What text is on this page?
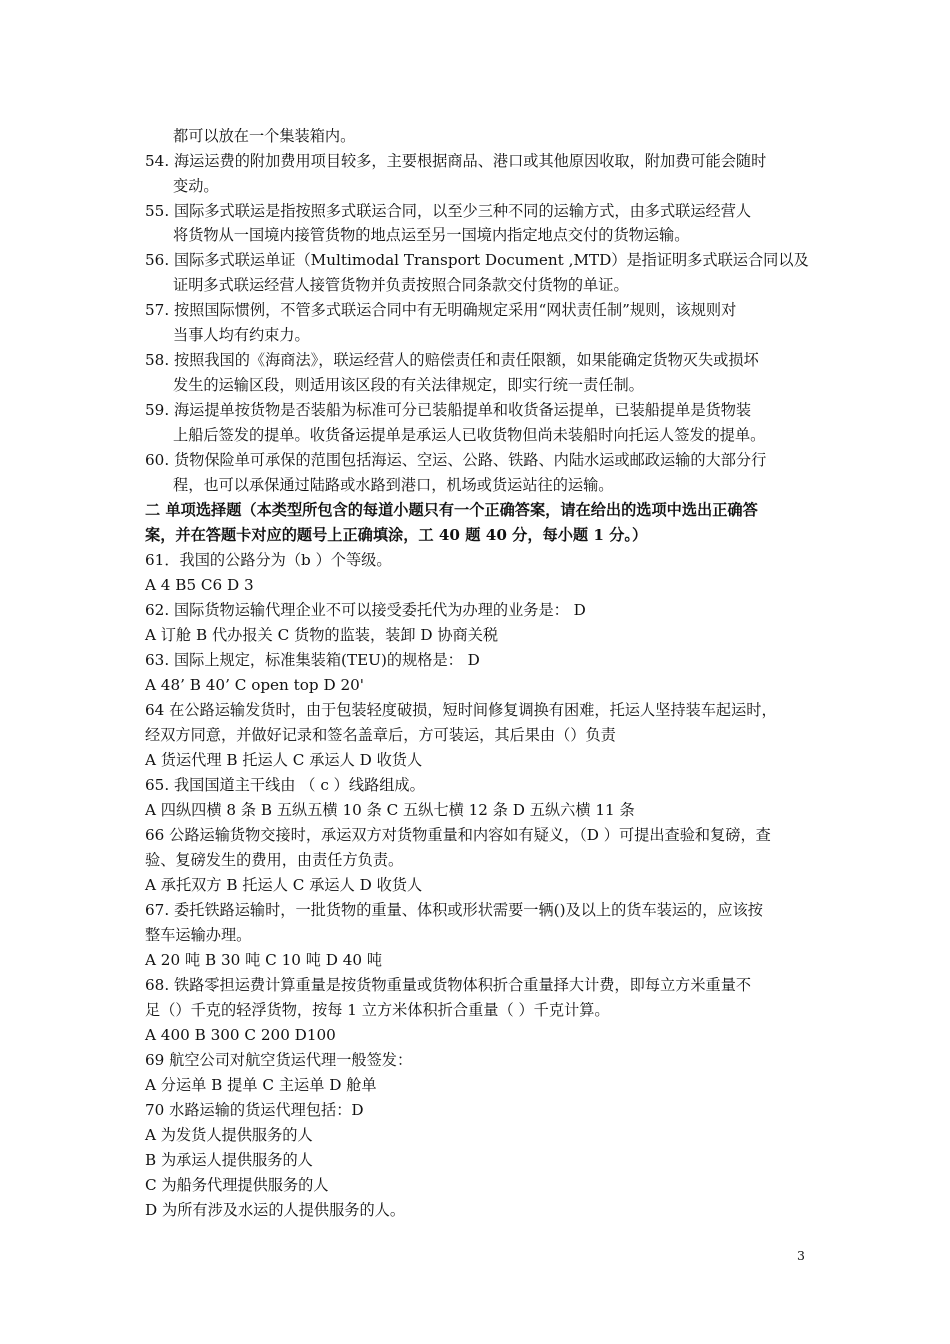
都可以放在一个集装箱内。
54. 海运运费的附加费用项目较多，主要根据商品、港口或其他原因收取，附加费可能会随时
变动。
55. 国际多式联运是指按照多式联运合同，以至少三种不同的运输方式，由多式联运经营人
将货物从一国境内接管货物的地点运至另一国境内指定地点交付的货物运输。
56. 国际多式联运单证（Multimodal Transport Document ,MTD）是指证明多式联运合同以及
证明多式联运经营人接管货物并负责按照合同条款交付货物的单证。
57. 按照国际惯例，不管多式联运合同中有无明确规定采用“网状责任制”规则，该规则对
当事人均有约束力。
58. 按照我国的《海商法》，联运经营人的赔偿责任和责任限额，如果能确定货物灭失或损坏
发生的运输区段，则适用该区段的有关法律规定，即实行统一责任制。
59. 海运提单按货物是否装船为标准可分已装船提单和收货备运提单，已装船提单是货物装
上船后签发的提单。收货备运提单是承运人已收货物但尚未装船时向托运人签发的提单。
60. 货物保险单可承保的范围包括海运、空运、公路、铁路、内陆水运或邮政运输的大部分行
程，也可以承保通过陆路或水路到港口，机场或货运站往的运输。
二 单项选择题（本类型所包含的每道小题只有一个正确答案，请在给出的选项中选出正确答
案，并在答题卡对应的题号上正确填涂，工 40 题 40 分，每小题 1 分。）
61．我国的公路分为（b ）个等级。
A 4 B5 C6 D 3
62. 国际货物运输代理企业不可以接受委托代为办理的业务是： D
A 订舱 B 代办报关 C 货物的监装，装卸 D 协商关税
63. 国际上规定，标准集装箱(TEU)的规格是： D
A 48’ B 40’ C open top D 20'
64 在公路运输发货时，由于包装轻度破损，短时间修复调换有困难，托运人坚持装车起运时，
经双方同意，并做好记录和签名盖章后，方可装运，其后果由（）负责
A 货运代理 B 托运人 C 承运人 D 收货人
65. 我国国道主干线由 （ c ）线路组成。
A 四纵四横 8 条 B 五纵五横 10 条 C 五纵七横 12 条 D 五纵六横 11 条
66 公路运输货物交接时，承运双方对货物重量和内容如有疑义，（D ）可提出查验和复磅，查
验、复磅发生的费用，由责任方负责。
A 承托双方 B 托运人 C 承运人 D 收货人
67. 委托铁路运输时，一批货物的重量、体积或形状需要一辆()及以上的货车装运的，应该按
整车运输办理。
A 20 吨 B 30 吨 C 10 吨 D 40 吨
68. 铁路零担运费计算重量是按货物重量或货物体积折合重量择大计费，即每立方米重量不
足（）千克的轻浮货物，按每 1 立方米体积折合重量（ ）千克计算。
A 400 B 300 C 200 D100
69 航空公司对航空货运代理一般签发：
A 分运单 B 提单 C 主运单 D 舱单
70 水路运输的货运代理包括：D
A 为发货人提供服务的人
B 为承运人提供服务的人
C 为船务代理提供服务的人
D 为所有涉及水运的人提供服务的人。
3
